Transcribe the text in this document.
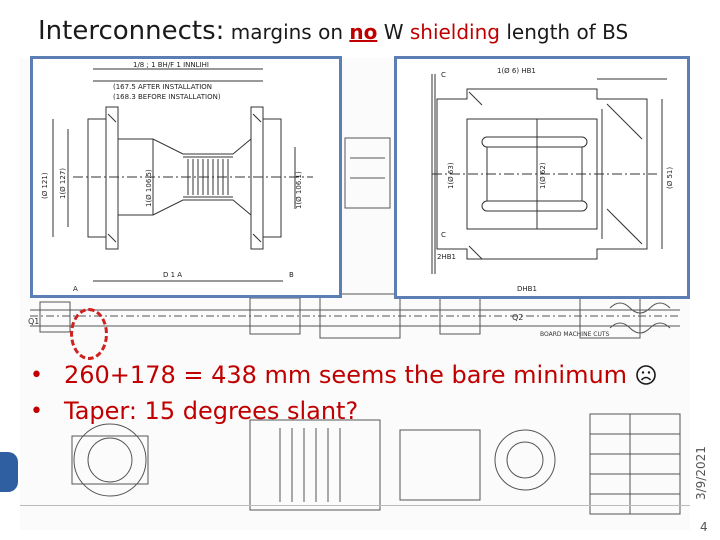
Interconnects: margins on no W shielding length of BS
Q1	Q2
BOARD MACHINE CUTS
1/8 ; 1 BH/F 1 INNLIHI
(167.5 AFTER INSTALLATION
(168.3 BEFORE INSTALLATION)
(Ø 121) 1(Ø 127)	1(Ø 106.5)	1(Ø 106.1)
D 1 A
A
B
1(Ø 6) HB1
C
C
1(Ø 63)	1(Ø 62)	(Ø 51)
2HB1
DHB1
• 260+178 = 438 mm seems the bare minimum
• Taper: 15 degrees slant?
3/9/2021
4
